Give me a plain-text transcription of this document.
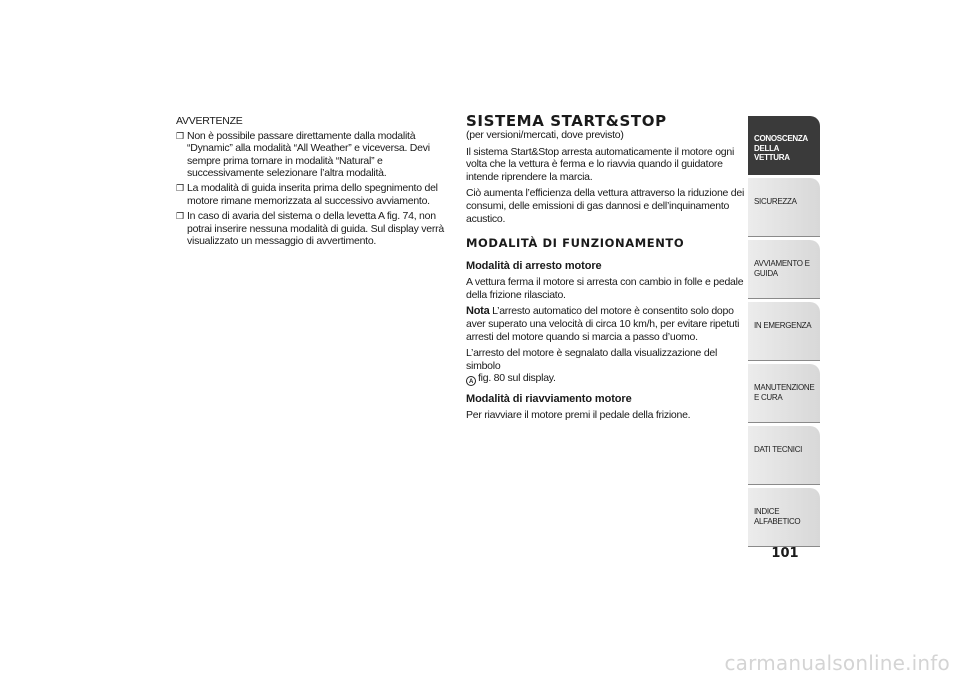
AVVERTENZE
❒ Non è possibile passare direttamente dalla modalità “Dynamic” alla modalità “All Weather” e viceversa. Devi sempre prima tornare in modalità “Natural” e successivamente selezionare l’altra modalità.
❒ La modalità di guida inserita prima dello spegnimento del motore rimane memorizzata al successivo avviamento.
❒ In caso di avaria del sistema o della levetta A fig. 74, non potrai inserire nessuna modalità di guida. Sul display verrà visualizzato un messaggio di avvertimento.
SISTEMA START&STOP

(per versioni/mercati, dove previsto)

Il sistema Start&Stop arresta automaticamente il motore ogni volta che la vettura è ferma e lo riavvia quando il guidatore intende riprendere la marcia.

Ciò aumenta l’efficienza della vettura attraverso la riduzione dei consumi, delle emissioni di gas dannosi e dell’inquinamento acustico.

MODALITÀ DI FUNZIONAMENTO
Modalità di arresto motore

A vettura ferma il motore si arresta con cambio in folle e pedale della frizione rilasciato.

Nota L’arresto automatico del motore è consentito solo dopo aver superato una velocità di circa 10 km/h, per evitare ripetuti arresti del motore quando si marcia a passo d’uomo.

L’arresto del motore è segnalato dalla visualizzazione del simbolo
A fig. 80 sul display.

Modalità di riavviamento motore

Per riavviare il motore premi il pedale della frizione.

CONOSCENZA DELLA VETTURA
SICUREZZA
AVVIAMENTO E GUIDA
IN EMERGENZA
MANUTENZIONE E CURA
DATI TECNICI
INDICE ALFABETICO
101
carmanualsonline.info
